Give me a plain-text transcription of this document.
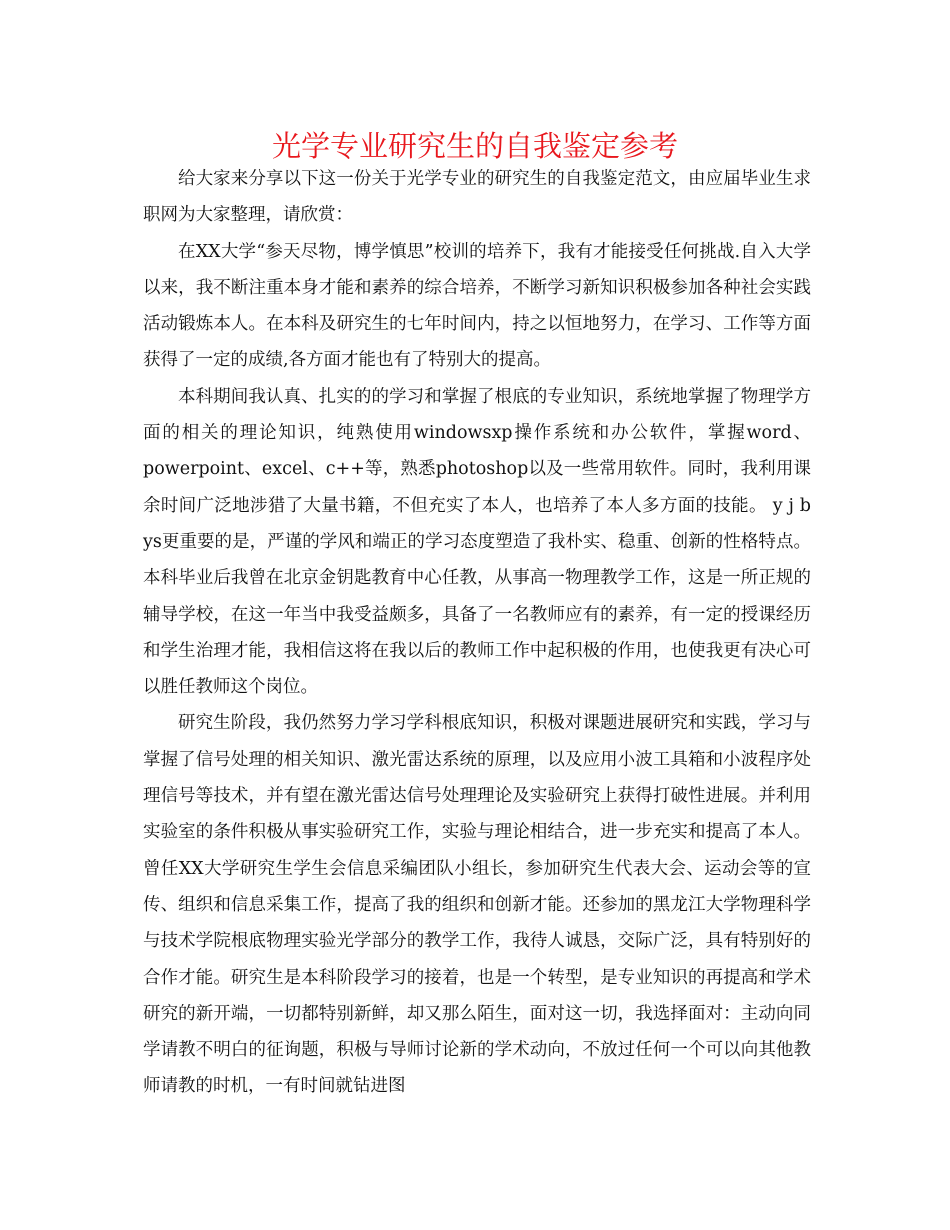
光学专业研究生的自我鉴定参考

给大家来分享以下这一份关于光学专业的研究生的自我鉴定范文，由应届毕业生求职网为大家整理，请欣赏：

在XX大学“参天尽物，博学慎思”校训的培养下，我有才能接受任何挑战.自入大学以来，我不断注重本身才能和素养的综合培养，不断学习新知识积极参加各种社会实践活动锻炼本人。在本科及研究生的七年时间内，持之以恒地努力，在学习、工作等方面获得了一定的成绩,各方面才能也有了特别大的提高。

本科期间我认真、扎实的的学习和掌握了根底的专业知识，系统地掌握了物理学方面的相关的理论知识，纯熟使用windowsxp操作系统和办公软件，掌握word、powerpoint、excel、c++等，熟悉photoshop以及一些常用软件。同时，我利用课余时间广泛地涉猎了大量书籍，不但充实了本人，也培养了本人多方面的技能。 y j b ys更重要的是，严谨的学风和端正的学习态度塑造了我朴实、稳重、创新的性格特点。本科毕业后我曾在北京金钥匙教育中心任教，从事高一物理教学工作，这是一所正规的辅导学校，在这一年当中我受益颇多，具备了一名教师应有的素养，有一定的授课经历和学生治理才能，我相信这将在我以后的教师工作中起积极的作用，也使我更有决心可以胜任教师这个岗位。

研究生阶段，我仍然努力学习学科根底知识，积极对课题进展研究和实践，学习与掌握了信号处理的相关知识、激光雷达系统的原理，以及应用小波工具箱和小波程序处理信号等技术，并有望在激光雷达信号处理理论及实验研究上获得打破性进展。并利用实验室的条件积极从事实验研究工作，实验与理论相结合，进一步充实和提高了本人。曾任XX大学研究生学生会信息采编团队小组长，参加研究生代表大会、运动会等的宣传、组织和信息采集工作，提高了我的组织和创新才能。还参加的黑龙江大学物理科学与技术学院根底物理实验光学部分的教学工作，我待人诚恳，交际广泛，具有特别好的合作才能。研究生是本科阶段学习的接着，也是一个转型，是专业知识的再提高和学术研究的新开端，一切都特别新鲜，却又那么陌生，面对这一切，我选择面对：主动向同学请教不明白的征询题，积极与导师讨论新的学术动向，不放过任何一个可以向其他教师请教的时机，一有时间就钻进图
